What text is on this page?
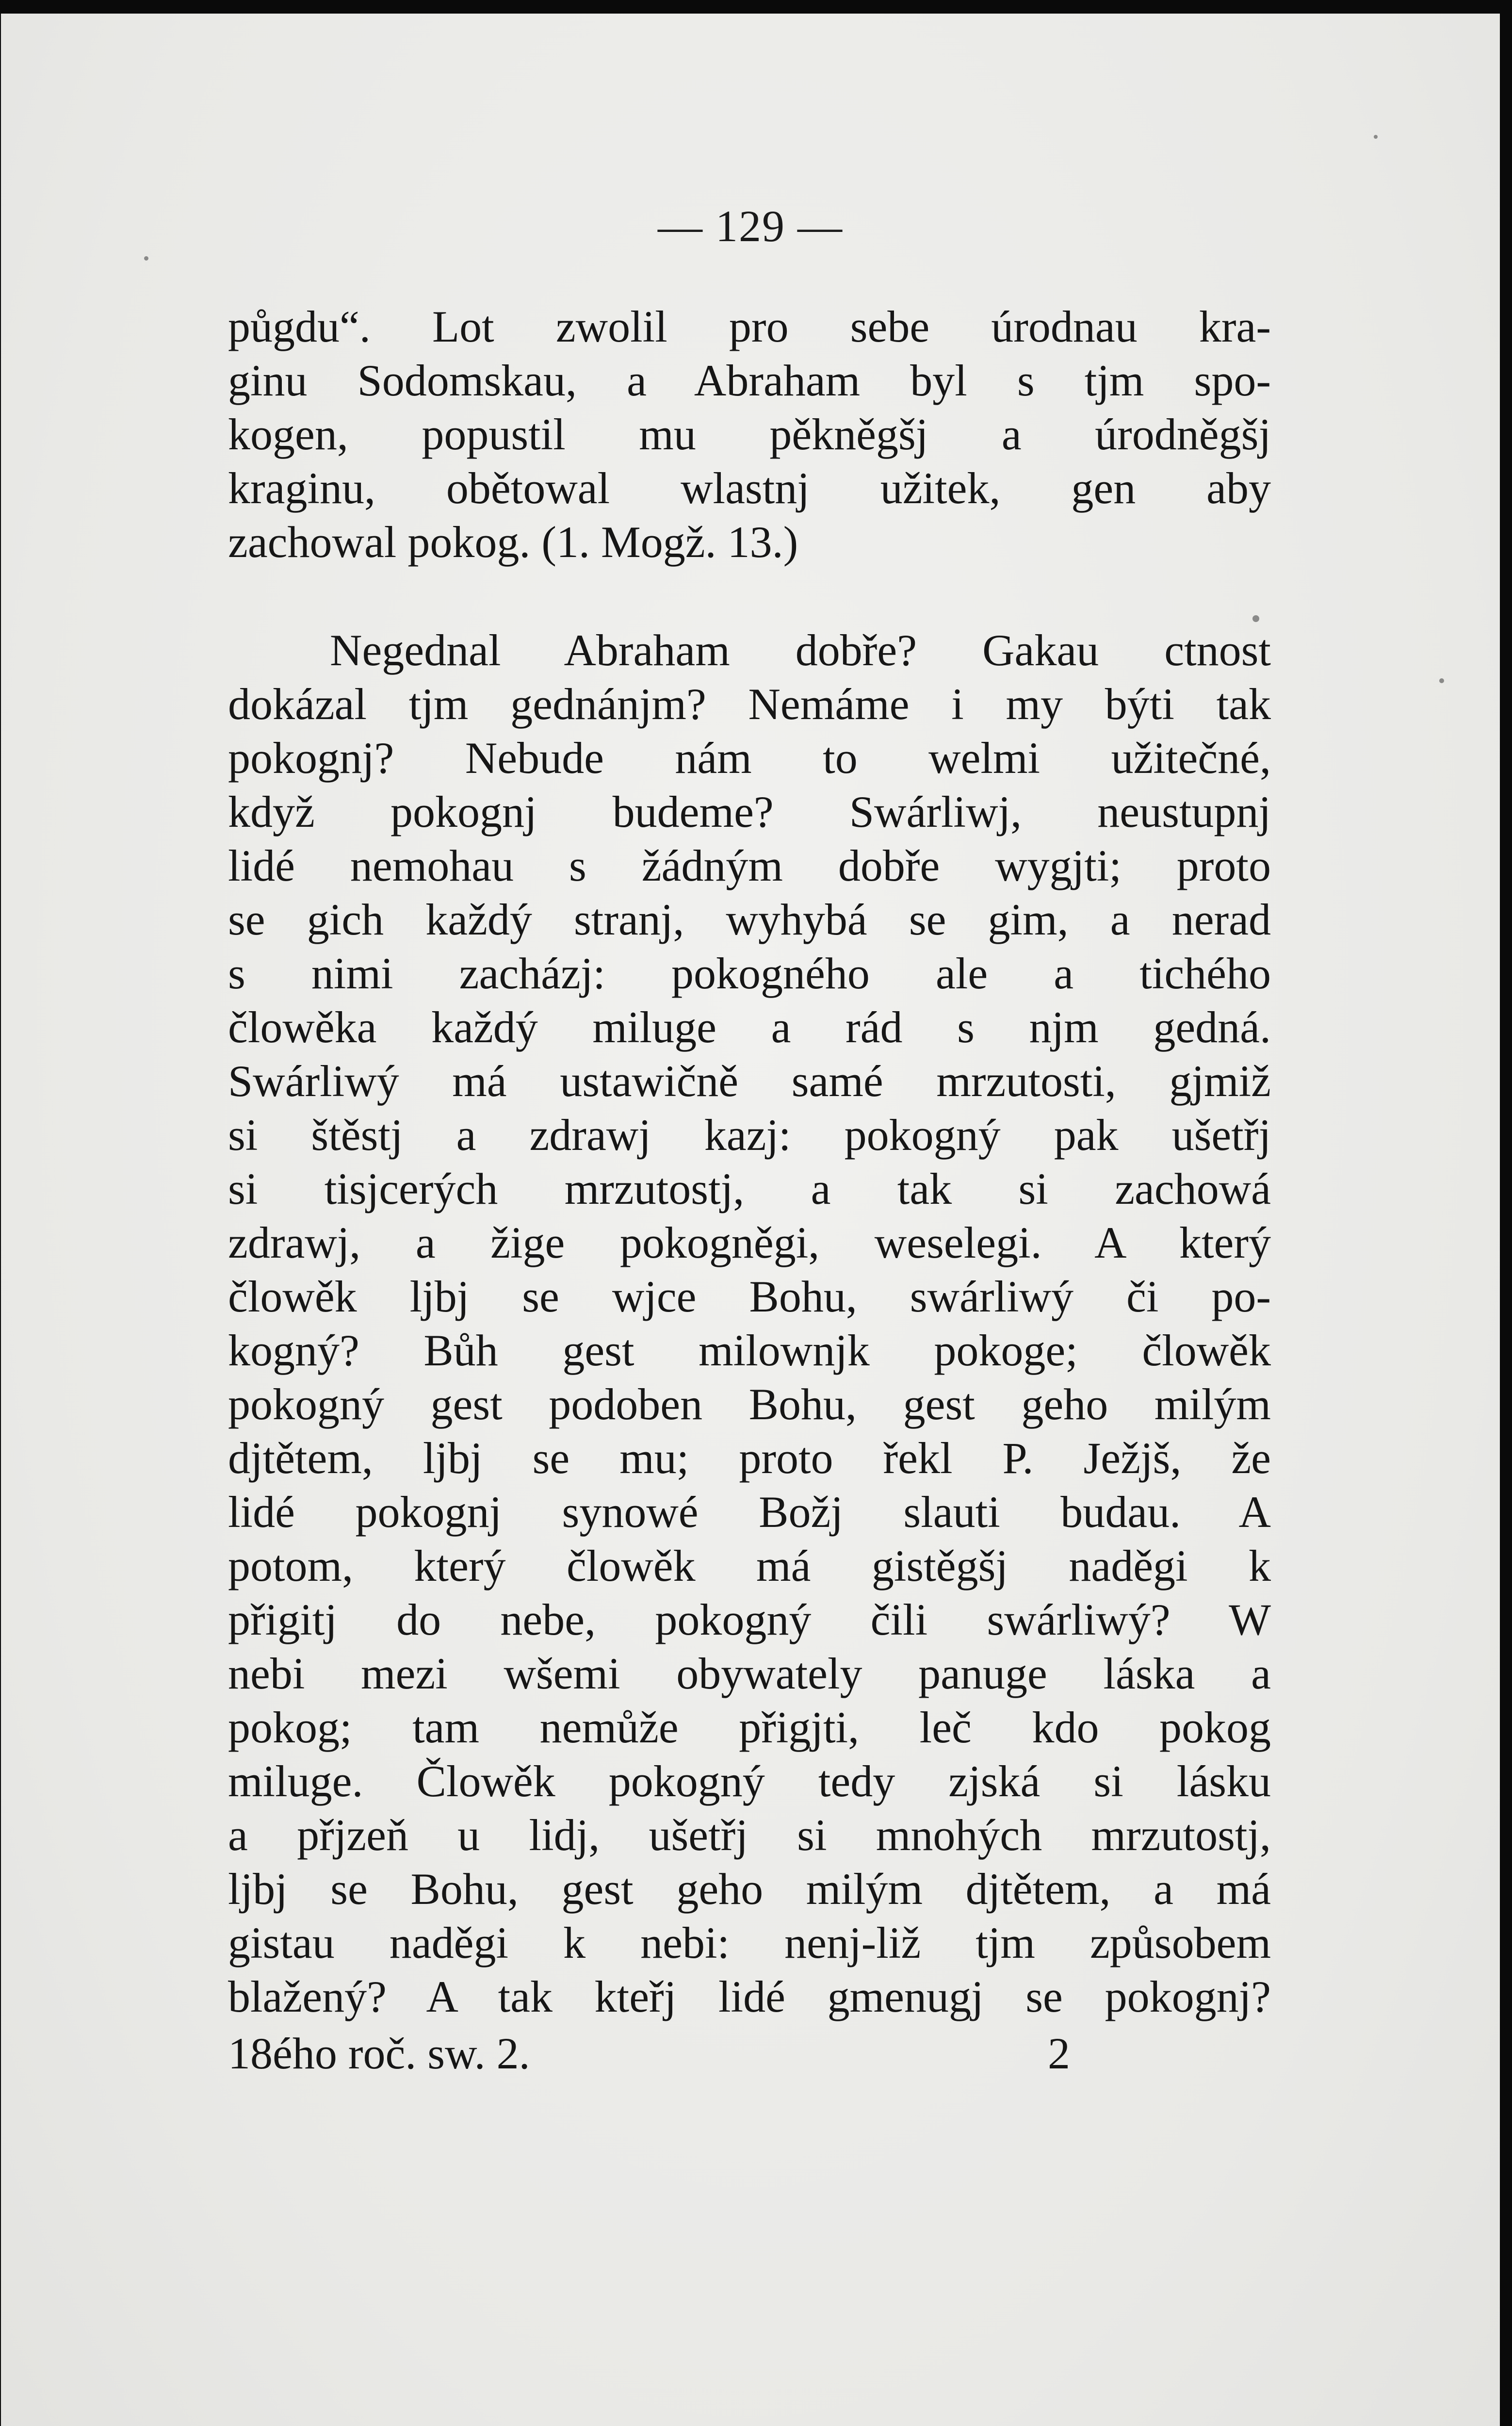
— 129 —
půgdu“. Lot zwolil pro sebe úrodnau kra-
ginu Sodomskau, a Abraham byl s tjm spo-
kogen, popustil mu pěkněgšj a úrodněgšj
kraginu, obětowal wlastnj užitek, gen aby
zachowal pokog. (1. Mogž. 13.)
Negednal Abraham dobře? Gakau ctnost
dokázal tjm gednánjm? Nemáme i my býti tak
pokognj? Nebude nám to welmi užitečné,
když pokognj budeme? Swárliwj, neustupnj
lidé nemohau s žádným dobře wygjti; proto
se gich každý stranj, wyhybá se gim, a nerad
s nimi zacházj: pokogného ale a tichého
člowěka každý miluge a rád s njm gedná.
Swárliwý má ustawičně samé mrzutosti, gjmiž
si štěstj a zdrawj kazj: pokogný pak ušetřj
si tisjcerých mrzutostj, a tak si zachowá
zdrawj, a žige pokogněgi, weselegi. A který
člowěk ljbj se wjce Bohu, swárliwý či po-
kogný? Bůh gest milownjk pokoge; člowěk
pokogný gest podoben Bohu, gest geho milým
djtětem, ljbj se mu; proto řekl P. Ježjš, že
lidé pokognj synowé Božj slauti budau. A
potom, který člowěk má gistěgšj naděgi k
přigitj do nebe, pokogný čili swárliwý? W
nebi mezi wšemi obywately panuge láska a
pokog; tam nemůže přigjti, leč kdo pokog
miluge. Člowěk pokogný tedy zjská si lásku
a přjzeň u lidj, ušetřj si mnohých mrzutostj,
ljbj se Bohu, gest geho milým djtětem, a má
gistau naděgi k nebi: nenj-liž tjm způsobem
blažený? A tak kteřj lidé gmenugj se pokognj?
18ého roč. sw. 2.	2
